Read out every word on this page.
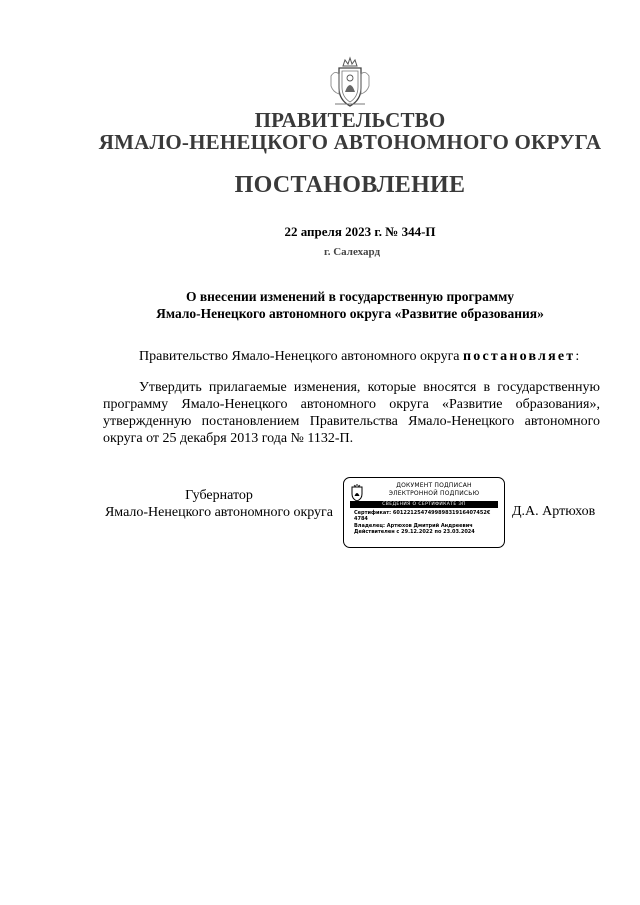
ПРАВИТЕЛЬСТВО
ЯМАЛО-НЕНЕЦКОГО АВТОНОМНОГО ОКРУГА
ПОСТАНОВЛЕНИЕ
22 апреля 2023 г. № 344-П
г. Салехард
О внесении изменений в государственную программу
Ямало-Ненецкого автономного округа «Развитие образования»
Правительство Ямало-Ненецкого автономного округа постановляет:
Утвердить прилагаемые изменения, которые вносятся в государственную программу Ямало-Ненецкого автономного округа «Развитие образования», утвержденную постановлением Правительства Ямало-Ненецкого автономного округа от 25 декабря 2013 года № 1132-П.
Губернатор
Ямало-Ненецкого автономного округа
ДОКУМЕНТ ПОДПИСАН
ЭЛЕКТРОННОЙ ПОДПИСЬЮ
СВЕДЕНИЯ О СЕРТИФИКАТЕ ЭП
Сертификат: 601221254749989831916407452€
4784
Владелец: Артюхов Дмитрий Андреевич
Действителен с 29.12.2022 по 23.03.2024
Д.А. Артюхов
